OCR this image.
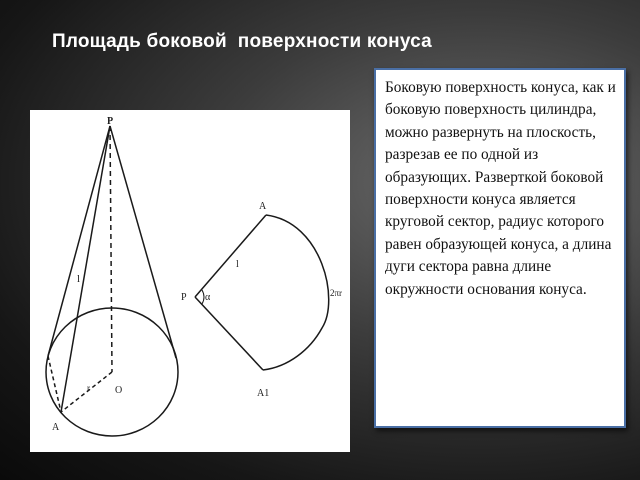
Площадь боковой  поверхности конуса
P
l
O
r
A
A
A1
P α
l
2πr

Боковую поверхность конуса, как и боковую поверхность цилиндра, можно развернуть на плоскость, разрезав ее по одной из образующих. Разверткой боковой поверхности конуса является круговой сектор, радиус которого равен образующей конуса, а длина дуги сектора равна длине окружности основания конуса.
